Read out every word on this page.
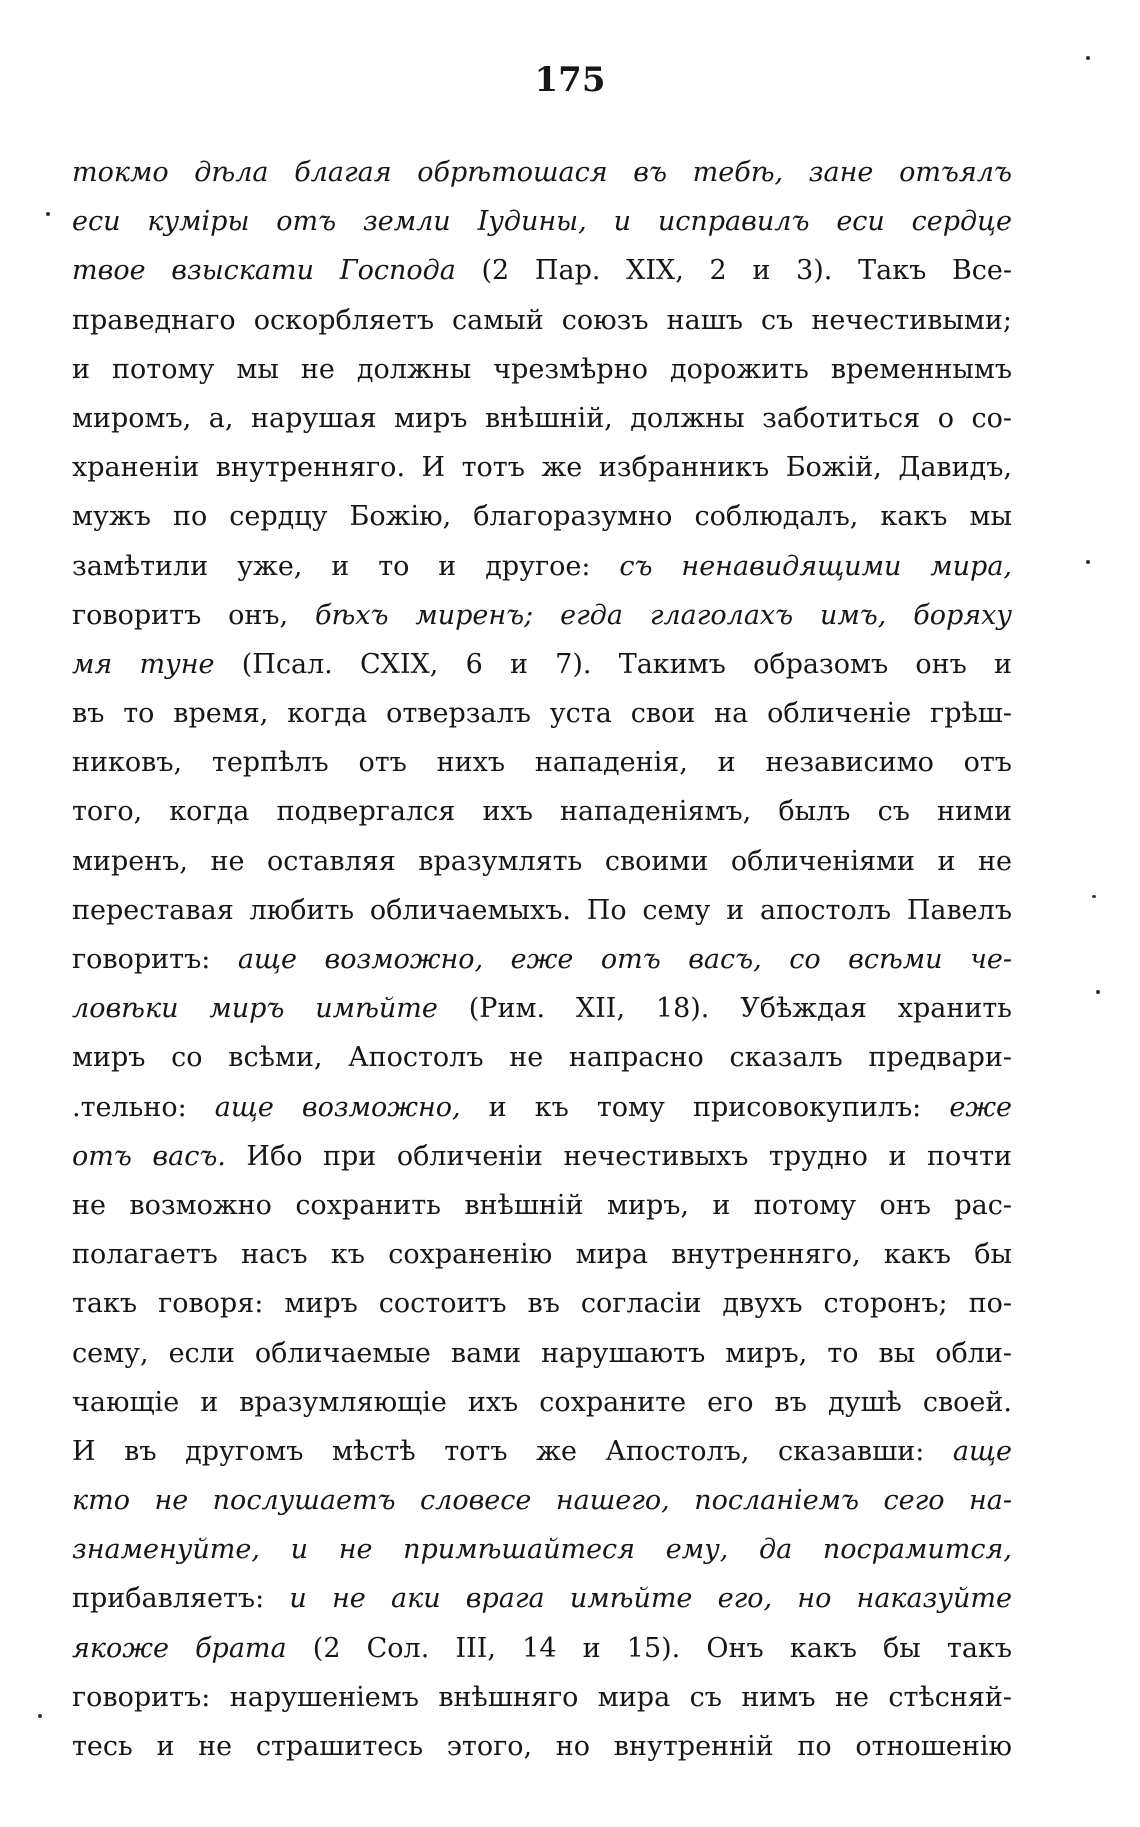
175
токмо дѣла благая обрѣтошася въ тебѣ, зане отъялъ
еси кумiры отъ земли Iудины, и исправилъ еси сердце
твое взыскати Господа (2 Пар. XIX, 2 и 3). Такъ Все-
праведнаго оскорбляетъ самый союзъ нашъ съ нечестивыми;
и потому мы не должны чрезмѣрно дорожить временнымъ
миромъ, а, нарушая миръ внѣшнiй, должны заботиться о со-
храненiи внутренняго. И тотъ же избранникъ Божiй, Давидъ,
мужъ по сердцу Божiю, благоразумно соблюдалъ, какъ мы
замѣтили уже, и то и другое: съ ненавидящими мира,
говоритъ онъ, бѣхъ миренъ; егда глаголахъ имъ, боряху
мя туне (Псал. CXIX, 6 и 7). Такимъ образомъ онъ и
въ то время, когда отверзалъ уста свои на обличенiе грѣш-
никовъ, терпѣлъ отъ нихъ нападенiя, и независимо отъ
того, когда подвергался ихъ нападенiямъ, былъ съ ними
миренъ, не оставляя вразумлять своими обличенiями и не
переставая любить обличаемыхъ. По сему и апостолъ Павелъ
говоритъ: аще возможно, еже отъ васъ, со всѣми че-
ловѣки миръ имѣйте (Рим. XII, 18). Убѣждая хранить
миръ со всѣми, Апостолъ не напрасно сказалъ предвари-
.тельно: аще возможно, и къ тому присовокупилъ: еже
отъ васъ. Ибо при обличенiи нечестивыхъ трудно и почти
не возможно сохранить внѣшнiй миръ, и потому онъ рас-
полагаетъ насъ къ сохраненiю мира внутренняго, какъ бы
такъ говоря: миръ состоитъ въ согласiи двухъ сторонъ; по-
сему, если обличаемые вами нарушаютъ миръ, то вы обли-
чающiе и вразумляющiе ихъ сохраните его въ душѣ своей.
И въ другомъ мѣстѣ тотъ же Апостолъ, сказавши: аще
кто не послушаетъ словесе нашего, посланiемъ сего на-
знаменуйте, и не примѣшайтеся ему, да посрамится,
прибавляетъ: и не аки врага имѣйте его, но наказуйте
якоже брата (2 Сол. III, 14 и 15). Онъ какъ бы такъ
говоритъ: нарушенiемъ внѣшняго мира съ нимъ не стѣсняй-
тесь и не страшитесь этого, но внутреннiй по отношенiю
